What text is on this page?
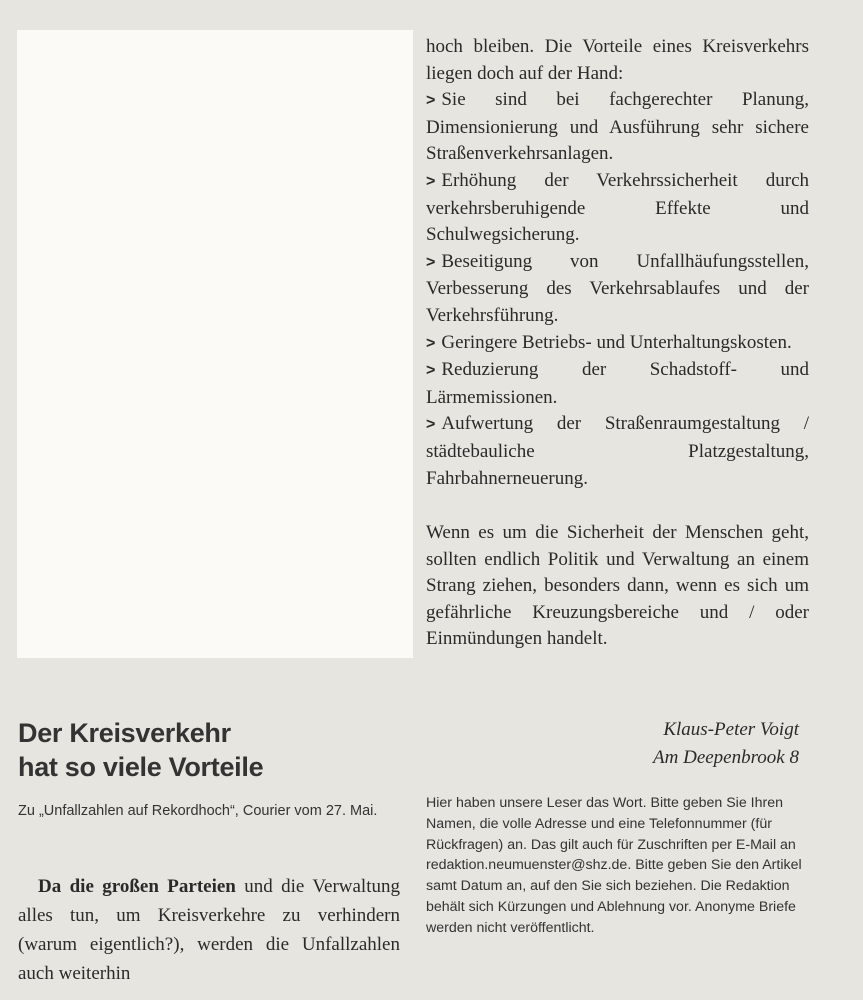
Der Kreisverkehr
hat so viele Vorteile

Zu „Unfallzahlen auf Rekordhoch“, Courier vom 27. Mai.

Da die großen Parteien und die Verwaltung alles tun, um Kreisverkehre zu verhindern (warum eigentlich?), werden die Unfallzahlen auch weiterhin

hoch bleiben. Die Vorteile eines Kreisverkehrs liegen doch auf der Hand:

> Sie sind bei fachgerechter Planung, Dimensionierung und Ausführung sehr sichere Straßenverkehrsanlagen.
> Erhöhung der Verkehrssicherheit durch verkehrsberuhigende Effekte und Schulwegsicherung.
> Beseitigung von Unfallhäufungsstellen, Verbesserung des Verkehrsablaufes und der Verkehrsführung.
> Geringere Betriebs- und Unterhaltungskosten.
> Reduzierung der Schadstoff- und Lärmemissionen.
> Aufwertung der Straßenraumgestaltung / städtebauliche Platzgestaltung, Fahrbahnerneuerung.

Wenn es um die Sicherheit der Menschen geht, sollten endlich Politik und Verwaltung an einem Strang ziehen, besonders dann, wenn es sich um gefährliche Kreuzungsbereiche und / oder Einmündungen handelt.

Klaus-Peter Voigt
Am Deepenbrook 8

Hier haben unsere Leser das Wort. Bitte geben Sie Ihren Namen, die volle Adresse und eine Telefonnummer (für Rückfragen) an. Das gilt auch für Zuschriften per E-Mail an redaktion.neumuenster@shz.de. Bitte geben Sie den Artikel samt Datum an, auf den Sie sich beziehen. Die Redaktion behält sich Kürzungen und Ablehnung vor. Anonyme Briefe werden nicht veröffentlicht.
